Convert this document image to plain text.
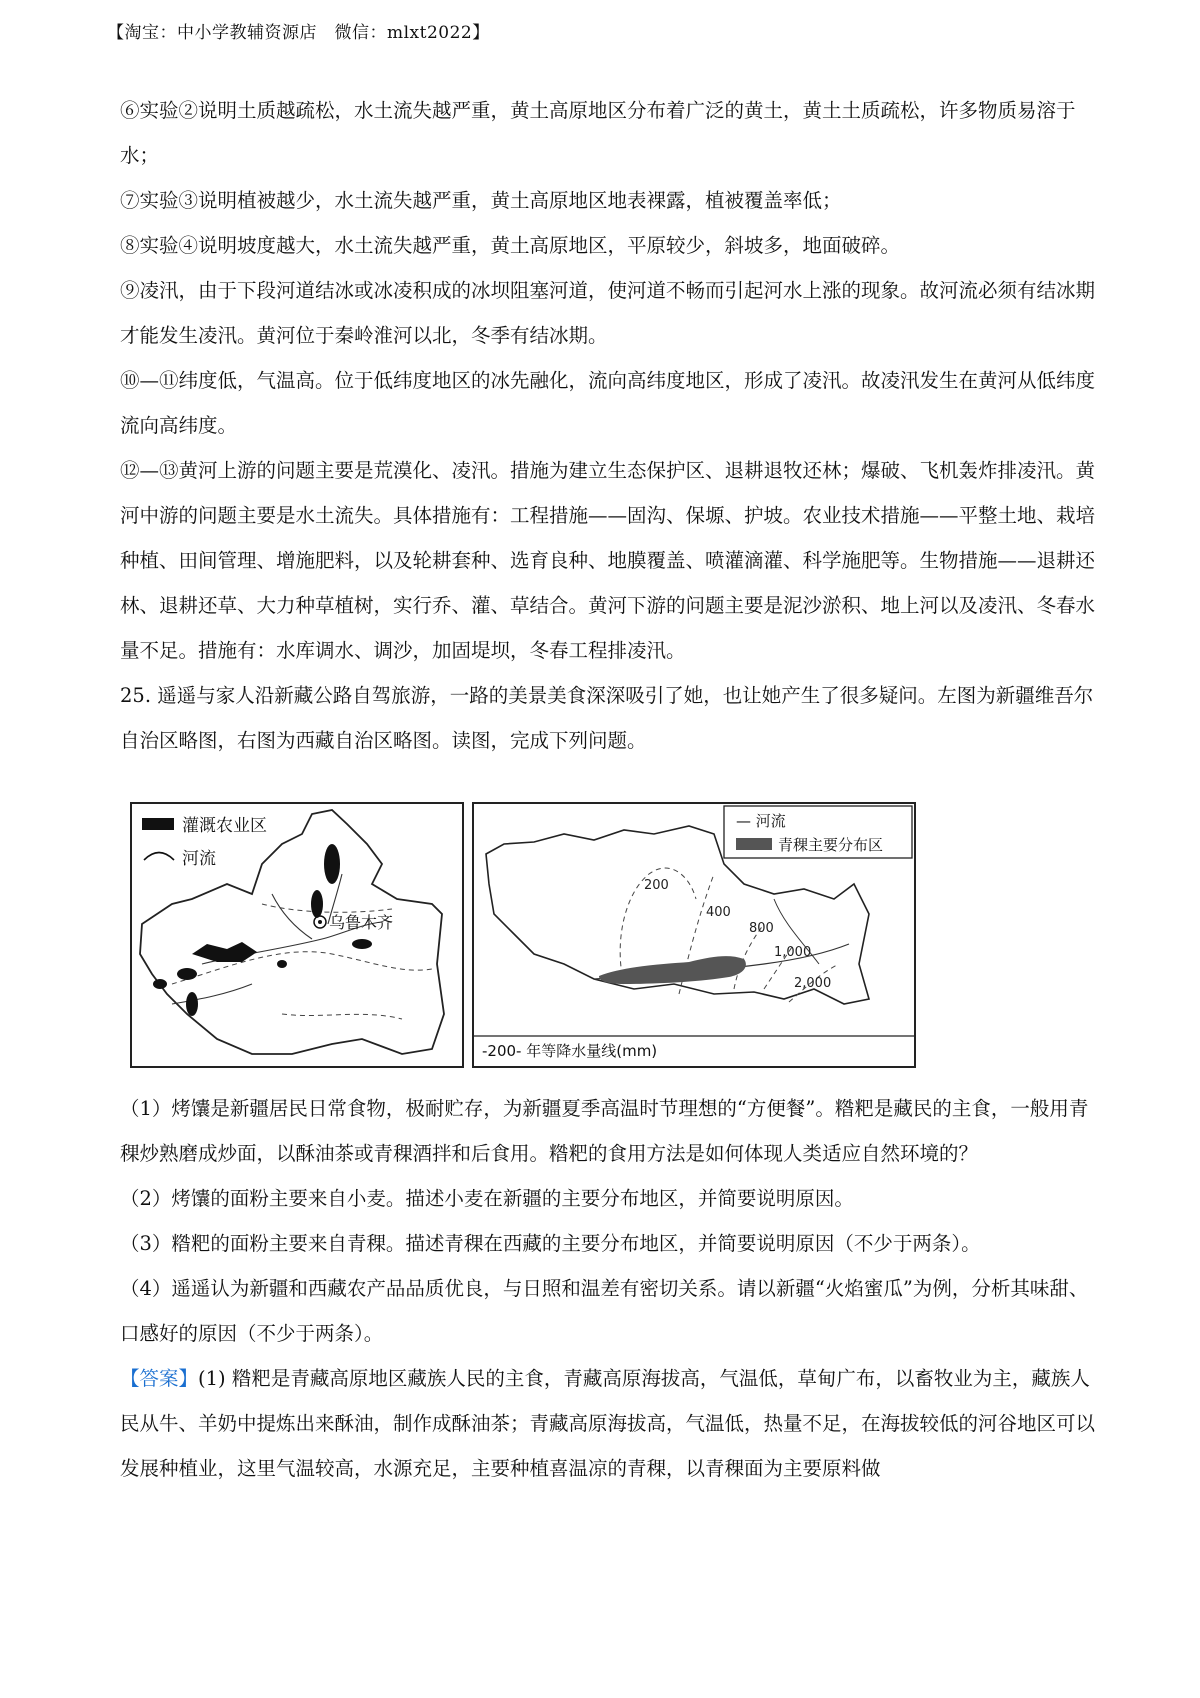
【淘宝：中小学教辅资源店　微信：mlxt2022】

⑥实验②说明土质越疏松，水土流失越严重，黄土高原地区分布着广泛的黄土，黄土土质疏松，许多物质易溶于水；

⑦实验③说明植被越少，水土流失越严重，黄土高原地区地表裸露，植被覆盖率低；

⑧实验④说明坡度越大，水土流失越严重，黄土高原地区，平原较少，斜坡多，地面破碎。

⑨凌汛，由于下段河道结冰或冰凌积成的冰坝阻塞河道，使河道不畅而引起河水上涨的现象。故河流必须有结冰期才能发生凌汛。黄河位于秦岭淮河以北，冬季有结冰期。

⑩—⑪纬度低，气温高。位于低纬度地区的冰先融化，流向高纬度地区，形成了凌汛。故凌汛发生在黄河从低纬度流向高纬度。

⑫—⑬黄河上游的问题主要是荒漠化、凌汛。措施为建立生态保护区、退耕退牧还林；爆破、飞机轰炸排凌汛。黄河中游的问题主要是水土流失。具体措施有：工程措施——固沟、保塬、护坡。农业技术措施——平整土地、栽培种植、田间管理、增施肥料，以及轮耕套种、选育良种、地膜覆盖、喷灌滴灌、科学施肥等。生物措施——退耕还林、退耕还草、大力种草植树，实行乔、灌、草结合。黄河下游的问题主要是泥沙淤积、地上河以及凌汛、冬春水量不足。措施有：水库调水、调沙，加固堤坝，冬春工程排凌汛。

25. 遥遥与家人沿新藏公路自驾旅游，一路的美景美食深深吸引了她，也让她产生了很多疑问。左图为新疆维吾尔自治区略图，右图为西藏自治区略图。读图，完成下列问题。

灌溉农业区
河流
乌鲁木齐
— 河流
青稞主要分布区
200
400
800
1,000
2,000
-200- 年等降水量线(mm)

（1）烤馕是新疆居民日常食物，极耐贮存，为新疆夏季高温时节理想的“方便餐”。糌粑是藏民的主食，一般用青稞炒熟磨成炒面，以酥油茶或青稞酒拌和后食用。糌粑的食用方法是如何体现人类适应自然环境的？

（2）烤馕的面粉主要来自小麦。描述小麦在新疆的主要分布地区，并简要说明原因。

（3）糌粑的面粉主要来自青稞。描述青稞在西藏的主要分布地区，并简要说明原因（不少于两条）。

（4）遥遥认为新疆和西藏农产品品质优良，与日照和温差有密切关系。请以新疆“火焰蜜瓜”为例，分析其味甜、口感好的原因（不少于两条）。

【答案】(1) 糌粑是青藏高原地区藏族人民的主食，青藏高原海拔高，气温低，草甸广布，以畜牧业为主，藏族人民从牛、羊奶中提炼出来酥油，制作成酥油茶；青藏高原海拔高，气温低，热量不足，在海拔较低的河谷地区可以发展种植业，这里气温较高，水源充足，主要种植喜温凉的青稞，以青稞面为主要原料做
